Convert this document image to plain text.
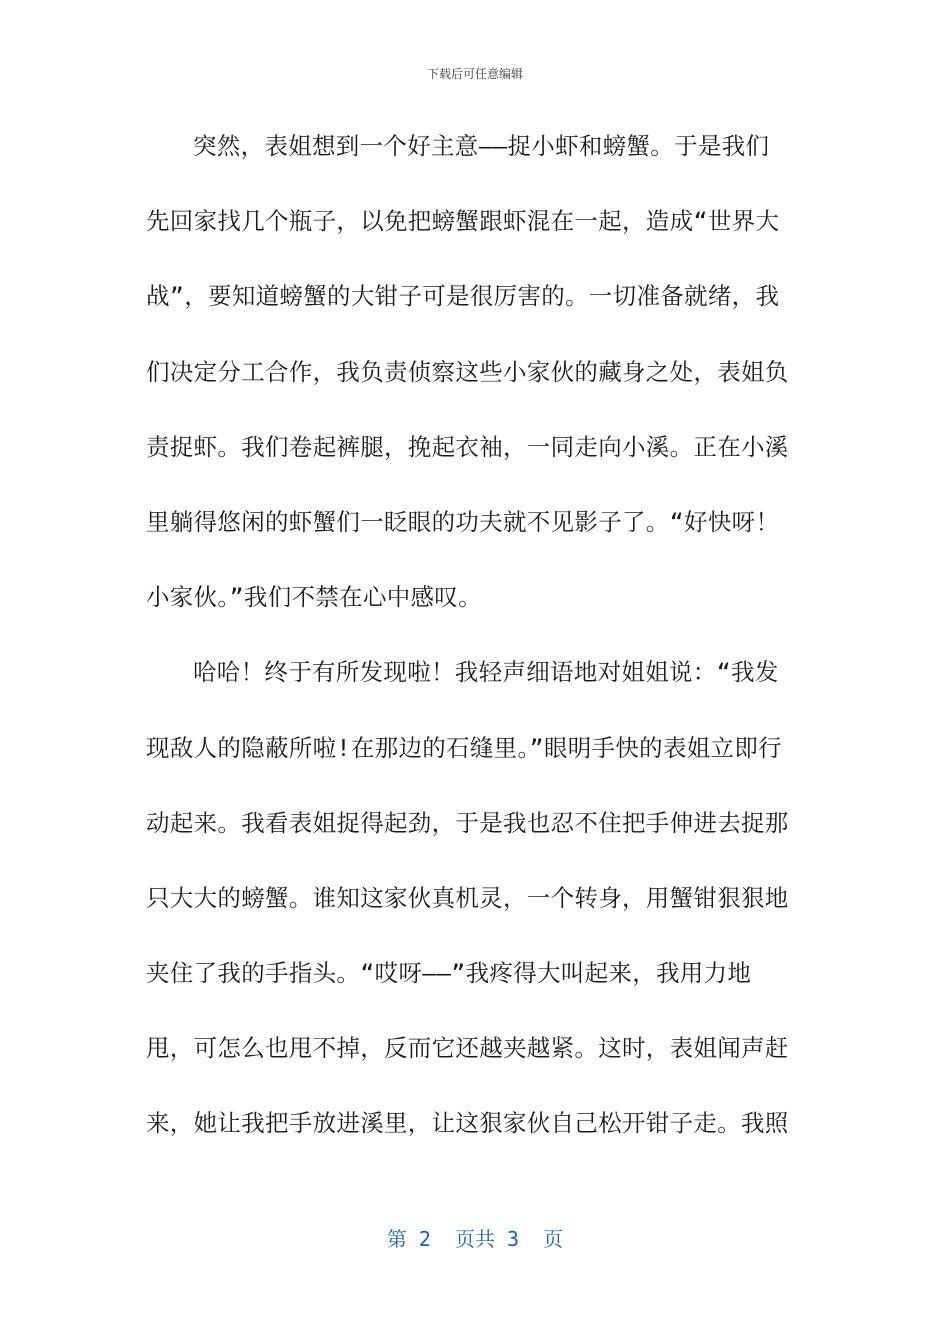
下载后可任意编辑
突然，表姐想到一个好主意——捉小虾和螃蟹。于是我们
先回家找几个瓶子，以免把螃蟹跟虾混在一起，造成“世界大
战”，要知道螃蟹的大钳子可是很厉害的。一切准备就绪，我
们决定分工合作，我负责侦察这些小家伙的藏身之处，表姐负
责捉虾。我们卷起裤腿，挽起衣袖，一同走向小溪。正在小溪
里躺得悠闲的虾蟹们一眨眼的功夫就不见影子了。“好快呀！
小家伙。”我们不禁在心中感叹。
哈哈！终于有所发现啦！我轻声细语地对姐姐说：“我发
现敌人的隐蔽所啦!在那边的石缝里。”眼明手快的表姐立即行
动起来。我看表姐捉得起劲，于是我也忍不住把手伸进去捉那
只大大的螃蟹。谁知这家伙真机灵，一个转身，用蟹钳狠狠地
夹住了我的手指头。“哎呀——”我疼得大叫起来，我用力地
甩，可怎么也甩不掉，反而它还越夹越紧。这时，表姐闻声赶
来，她让我把手放进溪里，让这狠家伙自己松开钳子走。我照
第 2  页共 3  页
